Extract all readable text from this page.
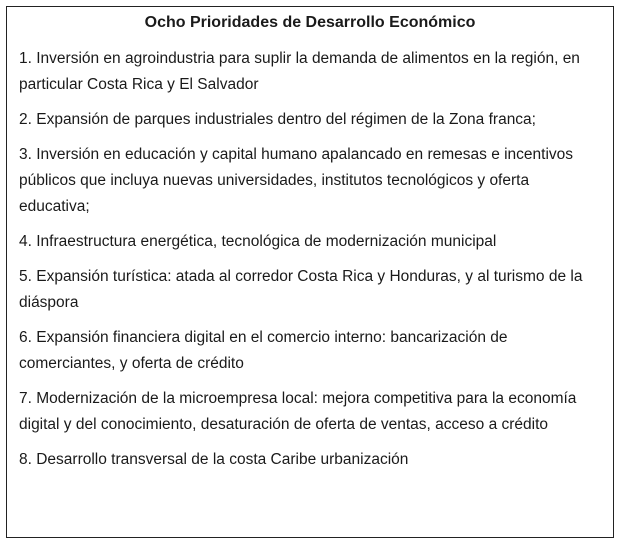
Ocho Prioridades de Desarrollo Económico
1. Inversión en agroindustria para suplir la demanda de alimentos en la región, en particular Costa Rica y El Salvador
2. Expansión de parques industriales dentro del régimen de la Zona franca;
3. Inversión en educación y capital humano apalancado en remesas e incentivos públicos que incluya nuevas universidades, institutos tecnológicos y oferta educativa;
4. Infraestructura energética, tecnológica de modernización municipal
5. Expansión turística: atada al corredor Costa Rica y Honduras, y al turismo de la diáspora
6. Expansión financiera digital en el comercio interno: bancarización de comerciantes, y oferta de crédito
7. Modernización de la microempresa local: mejora competitiva para la economía digital y del conocimiento, desaturación de oferta de ventas, acceso a crédito
8. Desarrollo transversal de la costa Caribe urbanización
